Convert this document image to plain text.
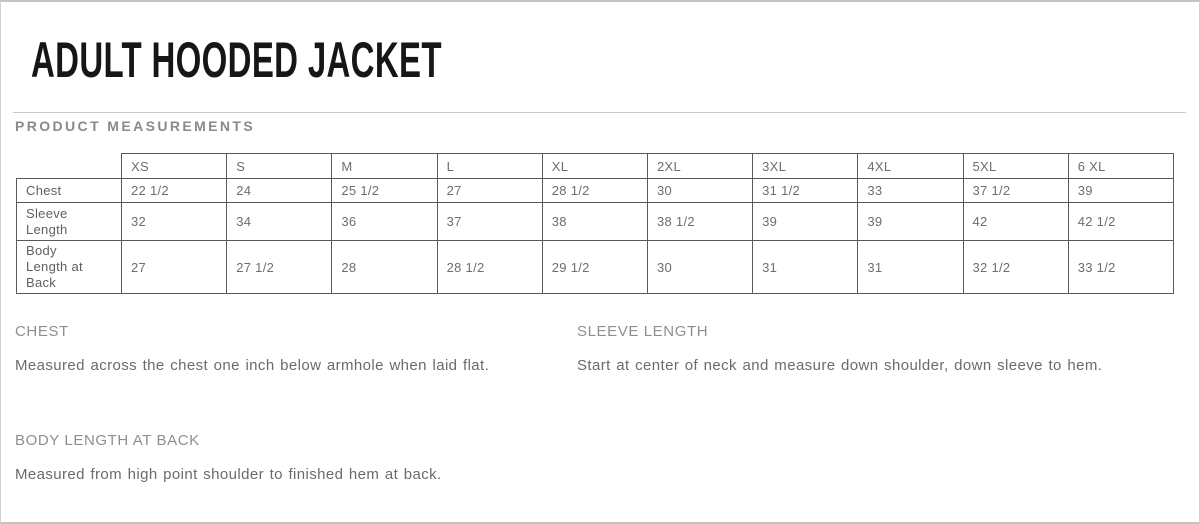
ADULT HOODED JACKET
PRODUCT MEASUREMENTS
	XS	S	M	L	XL	2XL	3XL	4XL	5XL	6 XL
Chest	22 1/2	24	25 1/2	27	28 1/2	30	31 1/2	33	37 1/2	39
Sleeve Length	32	34	36	37	38	38 1/2	39	39	42	42 1/2
Body Length at Back	27	27 1/2	28	28 1/2	29 1/2	30	31	31	32 1/2	33 1/2
CHEST
Measured across the chest one inch below armhole when laid flat.
SLEEVE LENGTH
Start at center of neck and measure down shoulder, down sleeve to hem.
BODY LENGTH AT BACK
Measured from high point shoulder to finished hem at back.
